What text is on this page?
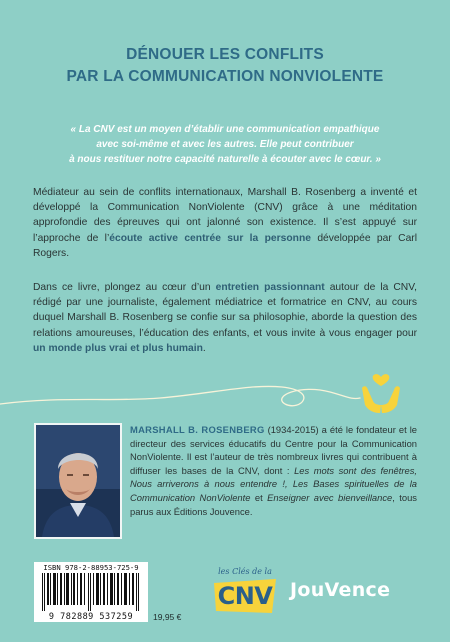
DÉNOUER LES CONFLITS
PAR LA COMMUNICATION NONVIOLENTE
« La CNV est un moyen d’établir une communication empathique
avec soi-même et avec les autres. Elle peut contribuer
à nous restituer notre capacité naturelle à écouter avec le cœur. »
Médiateur au sein de conflits internationaux, Marshall B. Rosenberg a inventé et développé la Communication NonViolente (CNV) grâce à une méditation approfondie des épreuves qui ont jalonné son existence. Il s’est appuyé sur l’approche de l’écoute active centrée sur la personne développée par Carl Rogers.
Dans ce livre, plongez au cœur d’un entretien passionnant autour de la CNV, rédigé par une journaliste, également médiatrice et formatrice en CNV, au cours duquel Marshall B. Rosenberg se confie sur sa philosophie, aborde la question des relations amoureuses, l’éducation des enfants, et vous invite à vous engager pour un monde plus vrai et plus humain.
MARSHALL B. ROSENBERG (1934-2015) a été le fondateur et le directeur des services éducatifs du Centre pour la Communication NonViolente. Il est l’auteur de très nombreux livres qui contribuent à diffuser les bases de la CNV, dont : Les mots sont des fenêtres, Nous arriverons à nous entendre !, Les Bases spirituelles de la Communication NonViolente et Enseigner avec bienveillance, tous parus aux Éditions Jouvence.
ISBN 978-2-88953-725-9
9 782889 537259	19,95 €
les Clés de la
CNV JouVence
